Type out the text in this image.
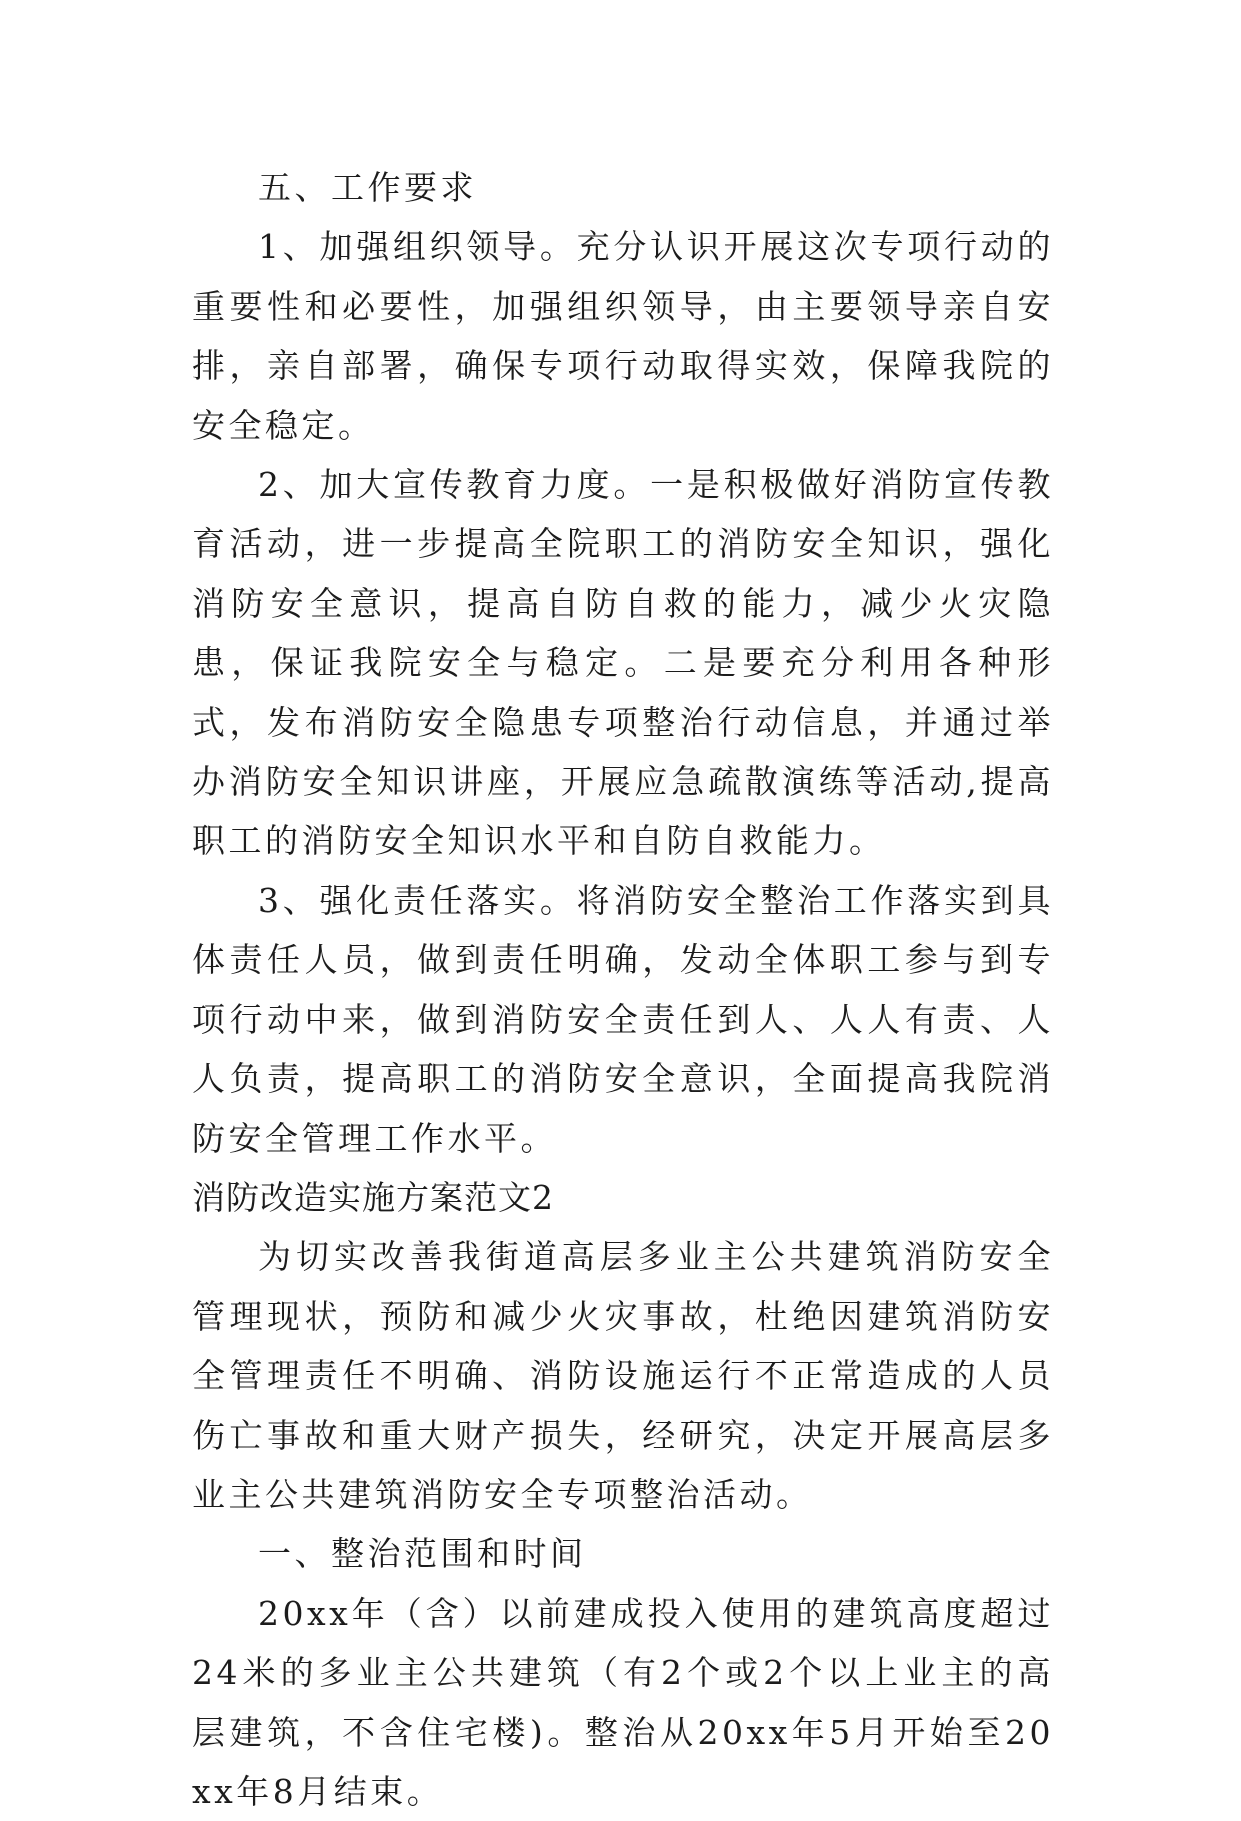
五、工作要求

1、加强组织领导。充分认识开展这次专项行动的重要性和必要性，加强组织领导，由主要领导亲自安排，亲自部署，确保专项行动取得实效，保障我院的安全稳定。

2、加大宣传教育力度。一是积极做好消防宣传教育活动，进一步提高全院职工的消防安全知识，强化消防安全意识，提高自防自救的能力，减少火灾隐患，保证我院安全与稳定。二是要充分利用各种形式，发布消防安全隐患专项整治行动信息，并通过举办消防安全知识讲座，开展应急疏散演练等活动,提高职工的消防安全知识水平和自防自救能力。

3、强化责任落实。将消防安全整治工作落实到具体责任人员，做到责任明确，发动全体职工参与到专项行动中来，做到消防安全责任到人、人人有责、人人负责，提高职工的消防安全意识，全面提高我院消防安全管理工作水平。

消防改造实施方案范文2

为切实改善我街道高层多业主公共建筑消防安全管理现状，预防和减少火灾事故，杜绝因建筑消防安全管理责任不明确、消防设施运行不正常造成的人员伤亡事故和重大财产损失，经研究，决定开展高层多业主公共建筑消防安全专项整治活动。

一、整治范围和时间

20xx年（含）以前建成投入使用的建筑高度超过24米的多业主公共建筑（有2个或2个以上业主的高层建筑，不含住宅楼)。整治从20xx年5月开始至20xx年8月结束。
